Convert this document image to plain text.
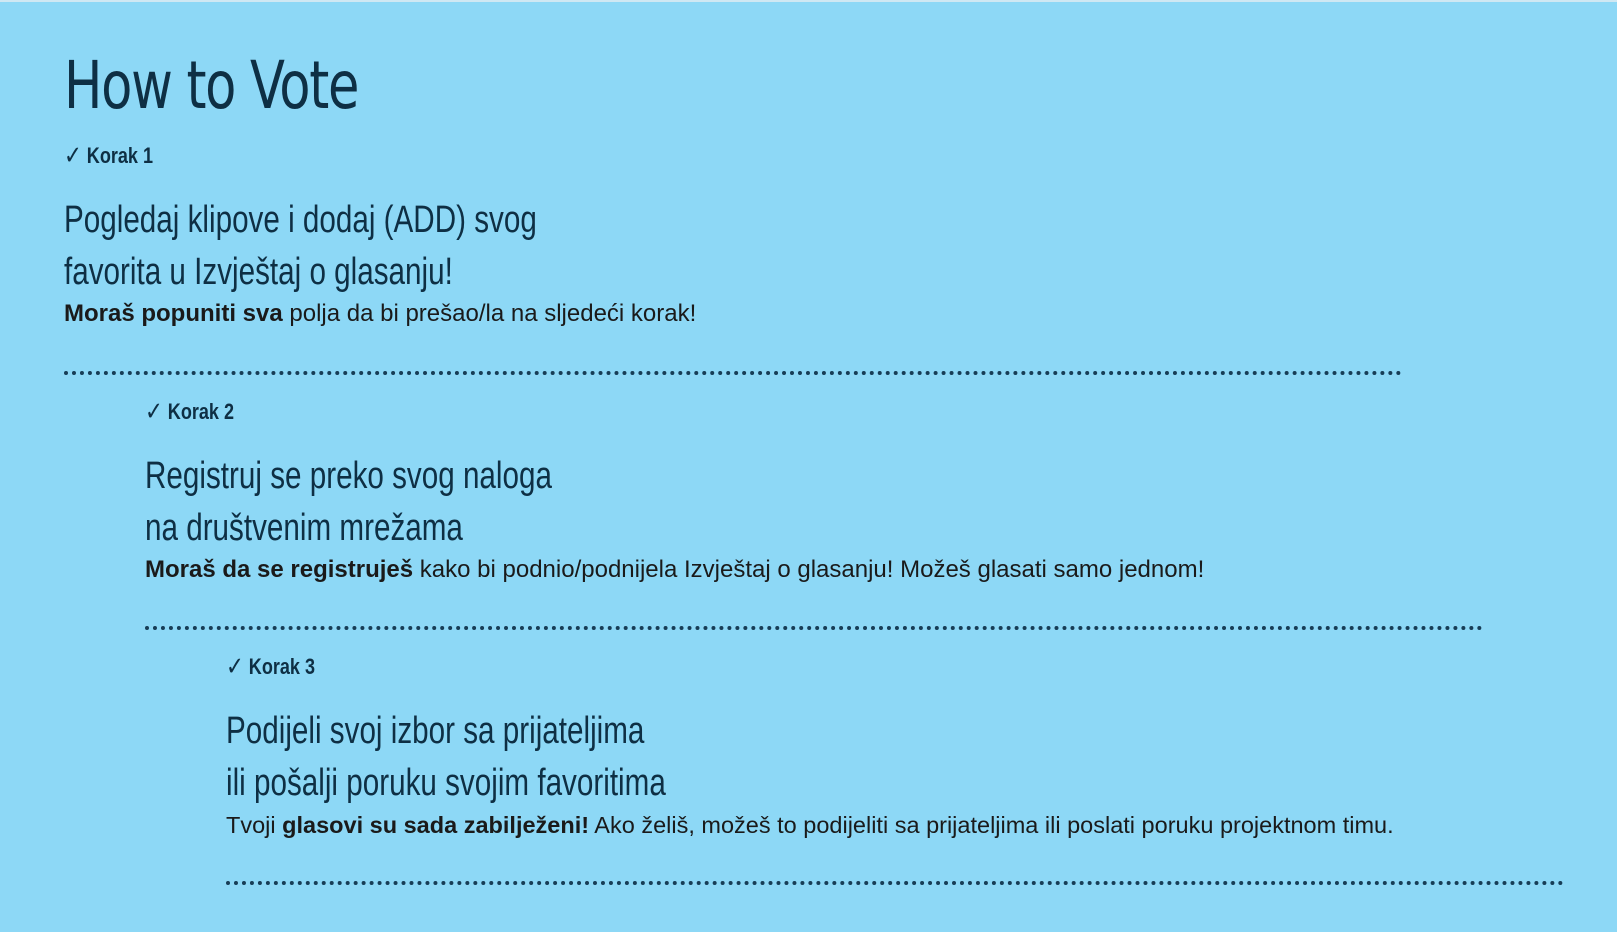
How to Vote
✓ Korak 1
Pogledaj klipove i dodaj (ADD) svog
favorita u Izvještaj o glasanju!
Moraš popuniti sva polja da bi prešao/la na sljedeći korak!
✓ Korak 2
Registruj se preko svog naloga
na društvenim mrežama
Moraš da se registruješ kako bi podnio/podnijela Izvještaj o glasanju! Možeš glasati samo jednom!
✓ Korak 3
Podijeli svoj izbor sa prijateljima
ili pošalji poruku svojim favoritima
Tvoji glasovi su sada zabilježeni! Ako želiš, možeš to podijeliti sa prijateljima ili poslati poruku projektnom timu.
